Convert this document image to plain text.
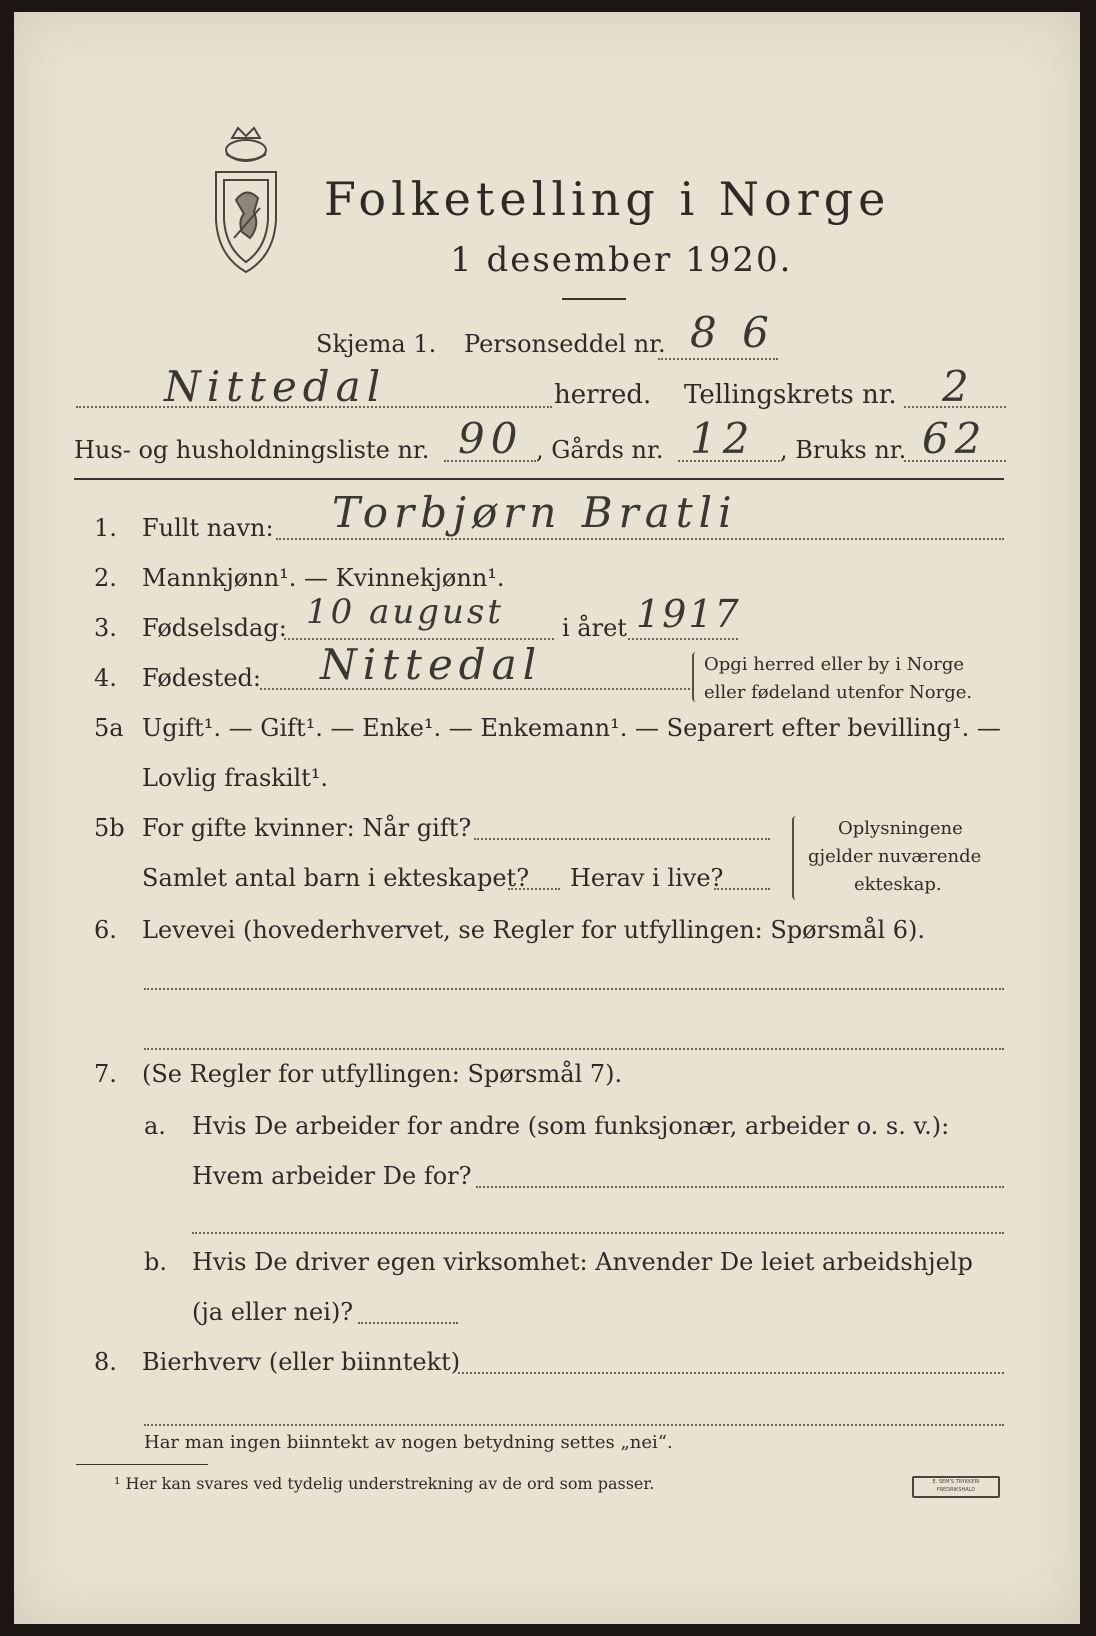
Folketelling i Norge
1 desember 1920.
Skjema 1. Personseddel nr. 8 6
Nittedal	herred. Tellingskrets nr. 2
Hus- og husholdningsliste nr. 90 , Gårds nr. 12 , Bruks nr. 62
1. Fullt navn: Torbjørn Bratli
2. Mannkjønn¹. — Kvinnekjønn¹.
3. Fødselsdag: 10 august i året 1917
4. Fødested: Nittedal	Opgi herred eller by i Norge
eller fødeland utenfor Norge.
5a Ugift¹. — Gift¹. — Enke¹. — Enkemann¹. — Separert efter bevilling¹. —
Lovlig fraskilt¹.
5b For gifte kvinner: Når gift?
Samlet antal barn i ekteskapet? Herav i live?
Oplysningene
gjelder nuværende
ekteskap.
6. Levevei (hovederhvervet, se Regler for utfyllingen: Spørsmål 6).
7. (Se Regler for utfyllingen: Spørsmål 7).
a. Hvis De arbeider for andre (som funksjonær, arbeider o. s. v.):
Hvem arbeider De for?
b. Hvis De driver egen virksomhet: Anvender De leiet arbeidshjelp
(ja eller nei)?
8. Bierhverv (eller biinntekt)
Har man ingen biinntekt av nogen betydning settes „nei“.
¹ Her kan svares ved tydelig understrekning av de ord som passer.	E. SEM'S TRYKKERI FREDRIKSHALD
